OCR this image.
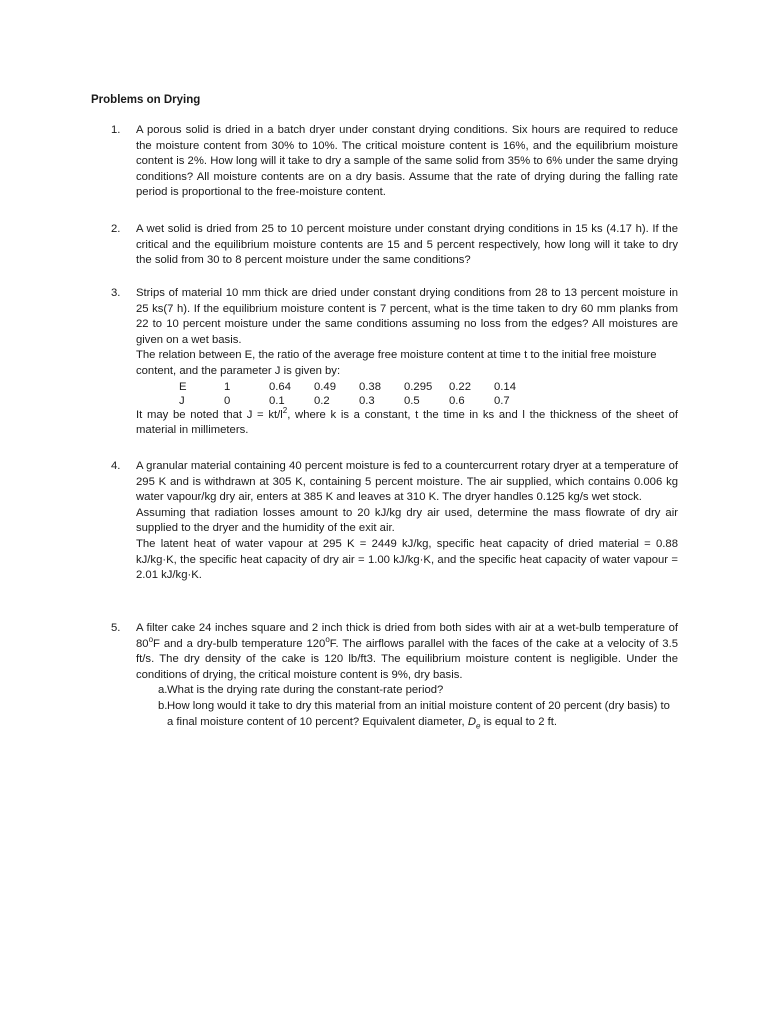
Problems on Drying
1.	A porous solid is dried in a batch dryer under constant drying conditions. Six hours are required to reduce the moisture content from 30% to 10%. The critical moisture content is 16%, and the equilibrium moisture content is 2%. How long will it take to dry a sample of the same solid from 35% to 6% under the same drying conditions? All moisture contents are on a dry basis. Assume that the rate of drying during the falling rate period is proportional to the free-moisture content.
2.	A wet solid is dried from 25 to 10 percent moisture under constant drying conditions in 15 ks (4.17 h). If the critical and the equilibrium moisture contents are 15 and 5 percent respectively, how long will it take to dry the solid from 30 to 8 percent moisture under the same conditions?
3.	Strips of material 10 mm thick are dried under constant drying conditions from 28 to 13 percent moisture in 25 ks(7 h). If the equilibrium moisture content is 7 percent, what is the time taken to dry 60 mm planks from 22 to 10 percent moisture under the same conditions assuming no loss from the edges? All moistures are given on a wet basis.
The relation between E, the ratio of the average free moisture content at time t to the initial free moisture content, and the parameter J is given by:
E	1	0.64	0.49	0.38	0.295	0.22	0.14
J	0	0.1	0.2	0.3	0.5	0.6	0.7
It may be noted that $J = kt/l^2$, where k is a constant, t the time in ks and l the thickness of the sheet of material in millimeters.
4.	A granular material containing 40 percent moisture is fed to a countercurrent rotary dryer at a temperature of 295 K and is withdrawn at 305 K, containing 5 percent moisture. The air supplied, which contains 0.006 kg water vapour/kg dry air, enters at 385 K and leaves at 310 K. The dryer handles 0.125 kg/s wet stock.
Assuming that radiation losses amount to 20 kJ/kg dry air used, determine the mass flowrate of dry air supplied to the dryer and the humidity of the exit air.
The latent heat of water vapour at 295 K = 2449 kJ/kg, specific heat capacity of dried material = 0.88 kJ/kg·K, the specific heat capacity of dry air = 1.00 kJ/kg·K, and the specific heat capacity of water vapour = 2.01 kJ/kg·K.
5.	A filter cake 24 inches square and 2 inch thick is dried from both sides with air at a wet-bulb temperature of 80$^o$F and a dry-bulb temperature 120$^o$F. The airflows parallel with the faces of the cake at a velocity of 3.5 ft/s. The dry density of the cake is 120 lb/ft3. The equilibrium moisture content is negligible. Under the conditions of drying, the critical moisture content is 9%, dry basis.
a. What is the drying rate during the constant-rate period?
b. How long would it take to dry this material from an initial moisture content of 20 percent (dry basis) to a final moisture content of 10 percent? Equivalent diameter, $D_e$ is equal to 2 ft.
